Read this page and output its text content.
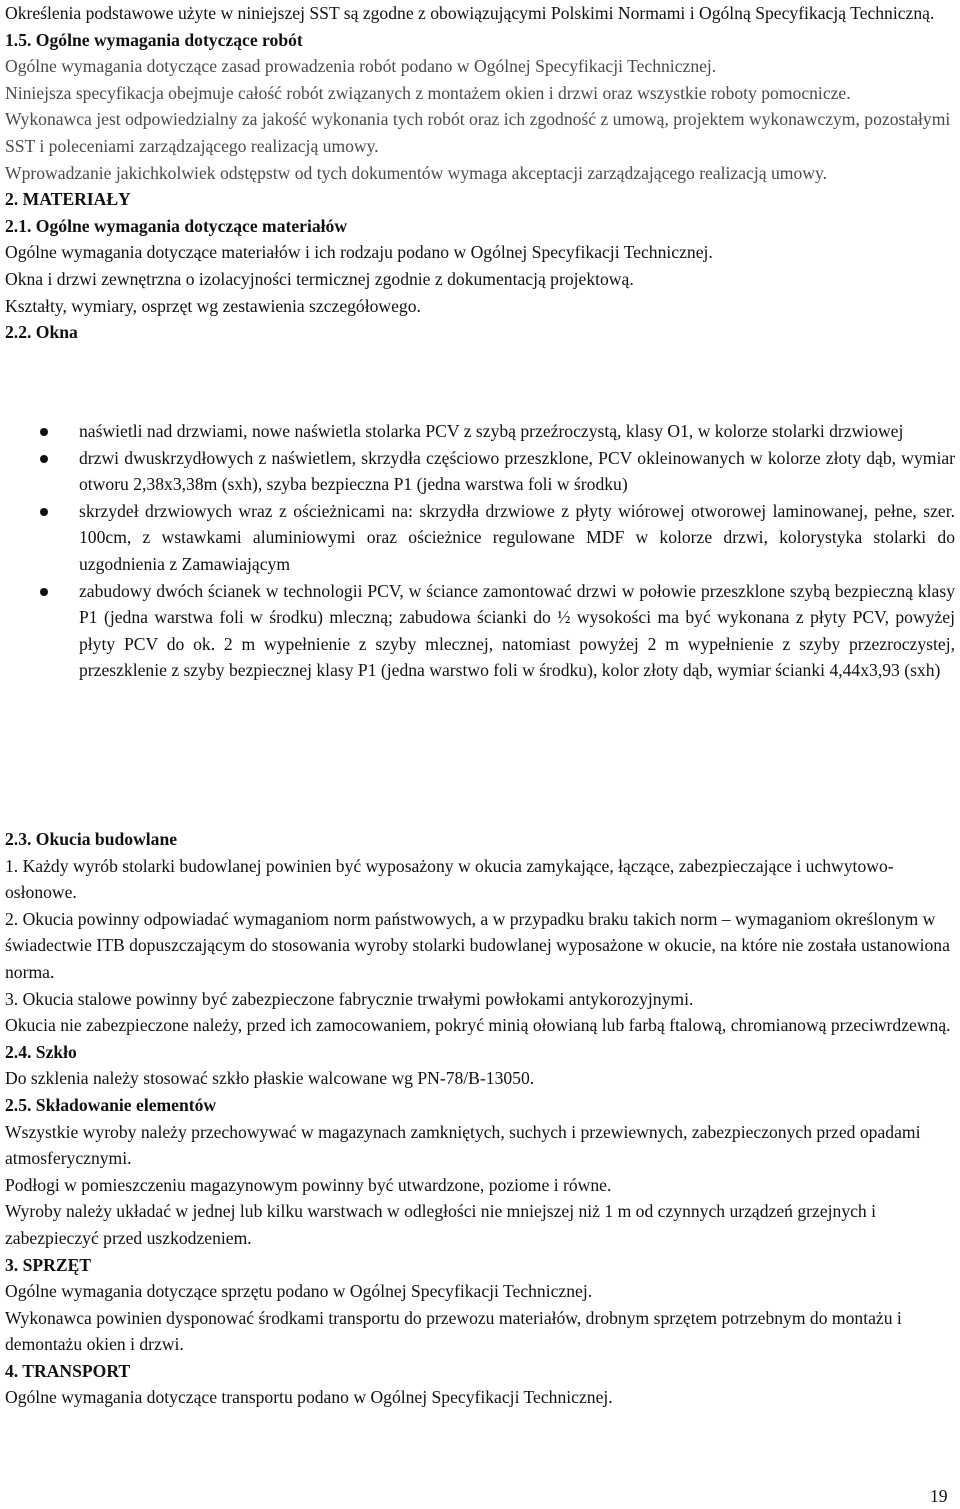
Określenia podstawowe użyte w niniejszej SST są zgodne z obowiązującymi Polskimi Normami i Ogólną Specyfikacją Techniczną.

1.5. Ogólne wymagania dotyczące robót

Ogólne wymagania dotyczące zasad prowadzenia robót podano w Ogólnej Specyfikacji Technicznej.

Niniejsza specyfikacja obejmuje całość robót związanych z montażem okien i drzwi oraz wszystkie roboty pomocnicze.

Wykonawca jest odpowiedzialny za jakość wykonania tych robót oraz ich zgodność z umową, projektem wykonawczym, pozostałymi SST i poleceniami zarządzającego realizacją umowy.

Wprowadzanie jakichkolwiek odstępstw od tych dokumentów wymaga akceptacji zarządzającego realizacją umowy.

2. MATERIAŁY

2.1. Ogólne wymagania dotyczące materiałów

Ogólne wymagania dotyczące materiałów i ich rodzaju podano w Ogólnej Specyfikacji Technicznej.

Okna i drzwi zewnętrzna o izolacyjności termicznej zgodnie z dokumentacją projektową.

Kształty, wymiary, osprzęt wg zestawienia szczegółowego.

2.2. Okna

naświetli nad drzwiami, nowe naświetla stolarka PCV z szybą przeźroczystą, klasy O1, w kolorze stolarki drzwiowej
drzwi dwuskrzydłowych z naświetlem, skrzydła częściowo przeszklone, PCV okleinowanych w kolorze złoty dąb, wymiar otworu 2,38x3,38m (sxh), szyba bezpieczna P1 (jedna warstwa foli w środku)
skrzydeł drzwiowych wraz z ościeżnicami na: skrzydła drzwiowe z płyty wiórowej otworowej laminowanej, pełne, szer. 100cm, z wstawkami aluminiowymi oraz ościeżnice regulowane MDF w kolorze drzwi, kolorystyka stolarki do uzgodnienia z Zamawiającym
zabudowy dwóch ścianek w technologii PCV, w ściance zamontować drzwi w połowie przeszklone szybą bezpieczną klasy P1 (jedna warstwa foli w środku) mleczną; zabudowa ścianki do ½ wysokości ma być wykonana z płyty PCV, powyżej płyty PCV do ok. 2 m wypełnienie z szyby mlecznej, natomiast powyżej 2 m wypełnienie z szyby przezroczystej, przeszklenie z szyby bezpiecznej klasy P1 (jedna warstwo foli w środku), kolor złoty dąb, wymiar ścianki 4,44x3,93 (sxh)

2.3. Okucia budowlane

1. Każdy wyrób stolarki budowlanej powinien być wyposażony w okucia zamykające, łączące, zabezpieczające i uchwytowo-osłonowe.

2. Okucia powinny odpowiadać wymaganiom norm państwowych, a w przypadku braku takich norm – wymaganiom określonym w świadectwie ITB dopuszczającym do stosowania wyroby stolarki budowlanej wyposażone w okucie, na które nie została ustanowiona norma.

3. Okucia stalowe powinny być zabezpieczone fabrycznie trwałymi powłokami antykorozyjnymi.

Okucia nie zabezpieczone należy, przed ich zamocowaniem, pokryć minią ołowianą lub farbą ftalową, chromianową przeciwrdzewną.

2.4. Szkło

Do szklenia należy stosować szkło płaskie walcowane wg PN-78/B-13050.

2.5. Składowanie elementów

Wszystkie wyroby należy przechowywać w magazynach zamkniętych, suchych i przewiewnych, zabezpieczonych przed opadami atmosferycznymi.

Podłogi w pomieszczeniu magazynowym powinny być utwardzone, poziome i równe.

Wyroby należy układać w jednej lub kilku warstwach w odległości nie mniejszej niż 1 m od czynnych urządzeń grzejnych i zabezpieczyć przed uszkodzeniem.

3. SPRZĘT

Ogólne wymagania dotyczące sprzętu podano w Ogólnej Specyfikacji Technicznej.

Wykonawca powinien dysponować środkami transportu do przewozu materiałów, drobnym sprzętem potrzebnym do montażu i demontażu okien i drzwi.

4. TRANSPORT

Ogólne wymagania dotyczące transportu podano w Ogólnej Specyfikacji Technicznej.

19
